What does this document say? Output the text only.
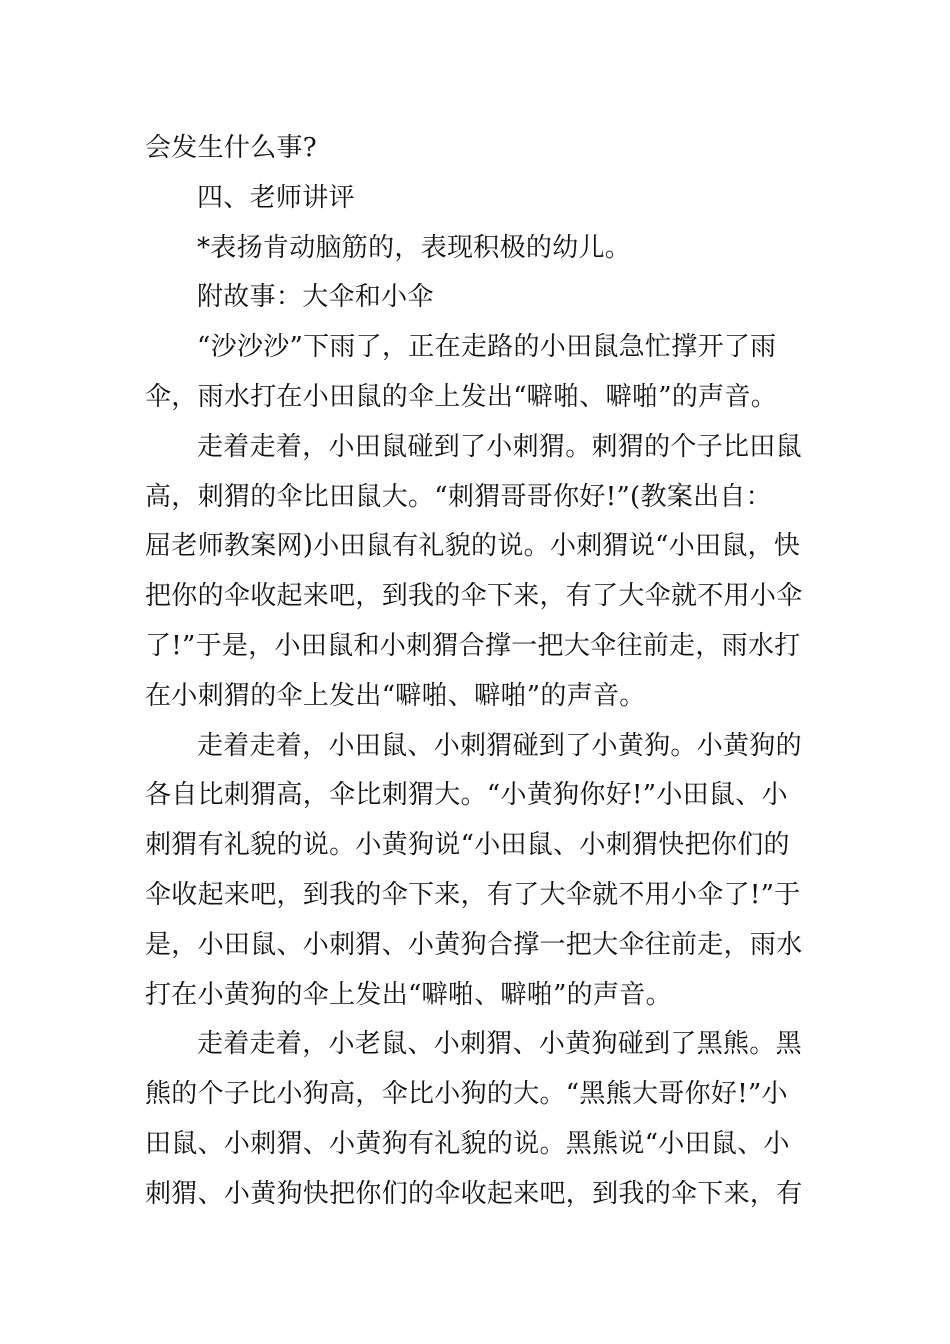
会发生什么事?
四、老师讲评
*表扬肯动脑筋的，表现积极的幼儿。
附故事：大伞和小伞
“沙沙沙”下雨了，正在走路的小田鼠急忙撑开了雨
伞，雨水打在小田鼠的伞上发出“噼啪、噼啪”的声音。
走着走着，小田鼠碰到了小刺猬。刺猬的个子比田鼠
高，刺猬的伞比田鼠大。“刺猬哥哥你好!”(教案出自：
屈老师教案网)小田鼠有礼貌的说。小刺猬说“小田鼠，快
把你的伞收起来吧，到我的伞下来，有了大伞就不用小伞
了!”于是，小田鼠和小刺猬合撑一把大伞往前走，雨水打
在小刺猬的伞上发出“噼啪、噼啪”的声音。
走着走着，小田鼠、小刺猬碰到了小黄狗。小黄狗的
各自比刺猬高，伞比刺猬大。“小黄狗你好!”小田鼠、小
刺猬有礼貌的说。小黄狗说“小田鼠、小刺猬快把你们的
伞收起来吧，到我的伞下来，有了大伞就不用小伞了!”于
是，小田鼠、小刺猬、小黄狗合撑一把大伞往前走，雨水
打在小黄狗的伞上发出“噼啪、噼啪”的声音。
走着走着，小老鼠、小刺猬、小黄狗碰到了黑熊。黑
熊的个子比小狗高，伞比小狗的大。“黑熊大哥你好!”小
田鼠、小刺猬、小黄狗有礼貌的说。黑熊说“小田鼠、小
刺猬、小黄狗快把你们的伞收起来吧，到我的伞下来，有
